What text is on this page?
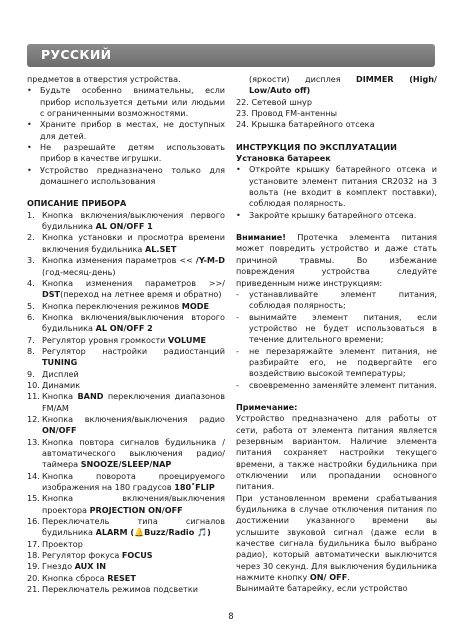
РУССКИЙ
предметов в отверстия устройства.
• Будьте особенно внимательны, если прибор используется детьми или людьми с ограниченными возможностями.
• Храните прибор в местах, не доступных для детей.
• Не разрешайте детям использовать прибор в качестве игрушки.
• Устройство предназначено только для домашнего использования
ОПИСАНИЕ ПРИБОРА
1. Кнопка включения/выключения первого будильника AL ON/OFF 1
2. Кнопка установки и просмотра времени включения будильника AL.SET
3. Кнопка изменения параметров << /Y-M-D (год-месяц-день)
4. Кнопка изменения параметров >>/ DST(переход на летнее время и обратно)
5. Кнопка переключения режимов MODE
6. Кнопка включения/выключения второго будильника AL ON/OFF 2
7. Регулятор уровня громкости VOLUME
8. Регулятор настройки радиостанций TUNING
9. Дисплей
10. Динамик
11. Кнопка BAND переключения диапазонов FM/AM
12. Кнопка включения/выключения радио ON/OFF
13. Кнопка повтора сигналов будильника / автоматического выключения радио/таймера SNOOZE/SLEEP/NAP
14. Кнопка поворота проецируемого изображения на 180 градусов 180˚FLIP
15. Кнопка включения/выключения проектора PROJECTION ON/OFF
16. Переключатель типа сигналов будильника ALARM (🔔Buzz/Radio 🎵)
17. Проектор
18. Регулятор фокуса FOCUS
19. Гнездо AUX IN
20. Кнопка сброса RESET
21. Переключатель режимов подсветки
(яркости) дисплея DIMMER (High/ Low/Auto off)
22. Сетевой шнур
23. Провод FM-антенны
24. Крышка батарейного отсека
ИНСТРУКЦИЯ ПО ЭКСПЛУАТАЦИИ
Установка батареек
• Откройте крышку батарейного отсека и установите элемент питания CR2032 на 3 вольта (не входит в комплект поставки), соблюдая полярность.
• Закройте крышку батарейного отсека.
Внимание! Протечка элемента питания может повредить устройство и даже стать причиной травмы. Во избежание повреждения устройства следуйте приведенным ниже инструкциям:
- устанавливайте элемент питания, соблюдая полярность;
- вынимайте элемент питания, если устройство не будет использоваться в течение длительного времени;
- не перезаряжайте элемент питания, не разбирайте его, не подвергайте его воздействию высокой температуры;
- своевременно заменяйте элемент питания.
Примечание:
Устройство предназначено для работы от сети, работа от элемента питания является резервным вариантом. Наличие элемента питания сохраняет настройки текущего времени, а также настройки будильника при отключении или пропадании основного питания.
При установленном времени срабатывания будильника в случае отключения питания по достижении указанного времени вы услышите звуковой сигнал (даже если в качестве сигнала будильника было выбрано радио), который автоматически выключится через 30 секунд. Для выключения будильника нажмите кнопку ON/ OFF.
Вынимайте батарейку, если устройство
8
